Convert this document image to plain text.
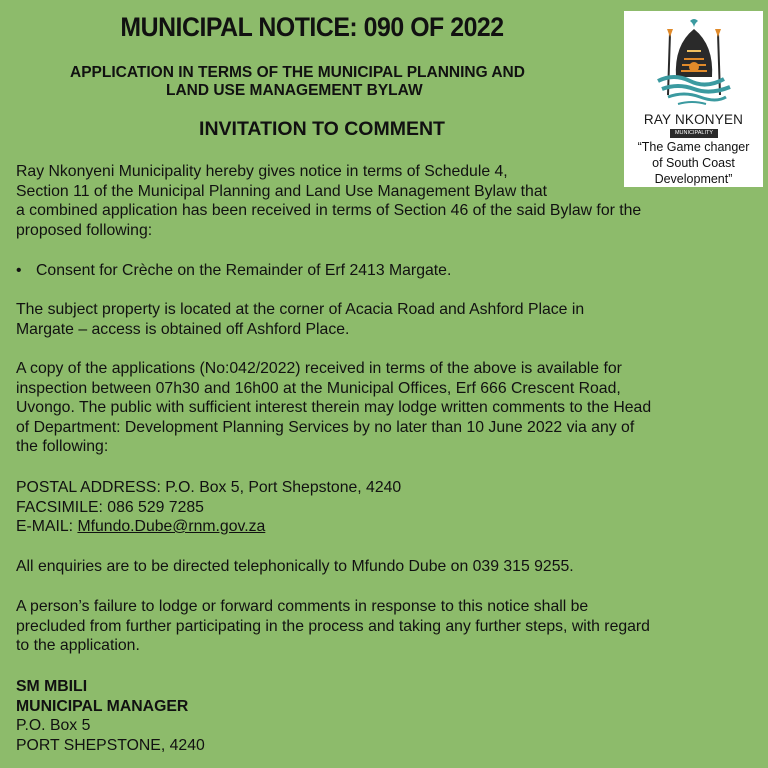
MUNICIPAL NOTICE: 090 OF 2022
APPLICATION IN TERMS OF THE MUNICIPAL PLANNING AND
LAND USE MANAGEMENT BYLAW
INVITATION TO COMMENT	RAY NKONYEN
MUNICIPALITY
“The Game changer
of South Coast
Development”
Ray Nkonyeni Municipality hereby gives notice in terms of Schedule 4,
Section 11 of the Municipal Planning and Land Use Management Bylaw that
a combined application has been received in terms of Section 46 of the said Bylaw for the
proposed following:
• Consent for Crèche on the Remainder of Erf 2413 Margate.
The subject property is located at the corner of Acacia Road and Ashford Place in
Margate – access is obtained off Ashford Place.
A copy of the applications (No:042/2022) received in terms of the above is available for
inspection between 07h30 and 16h00 at the Municipal Offices, Erf 666 Crescent Road,
Uvongo. The public with sufficient interest therein may lodge written comments to the Head
of Department: Development Planning Services by no later than 10 June 2022 via any of
the following:
POSTAL ADDRESS: P.O. Box 5, Port Shepstone, 4240
FACSIMILE: 086 529 7285
E-MAIL: Mfundo.Dube@rnm.gov.za
All enquiries are to be directed telephonically to Mfundo Dube on 039 315 9255.
A person’s failure to lodge or forward comments in response to this notice shall be
precluded from further participating in the process and taking any further steps, with regard
to the application.
SM MBILI
MUNICIPAL MANAGER
P.O. Box 5
PORT SHEPSTONE, 4240
